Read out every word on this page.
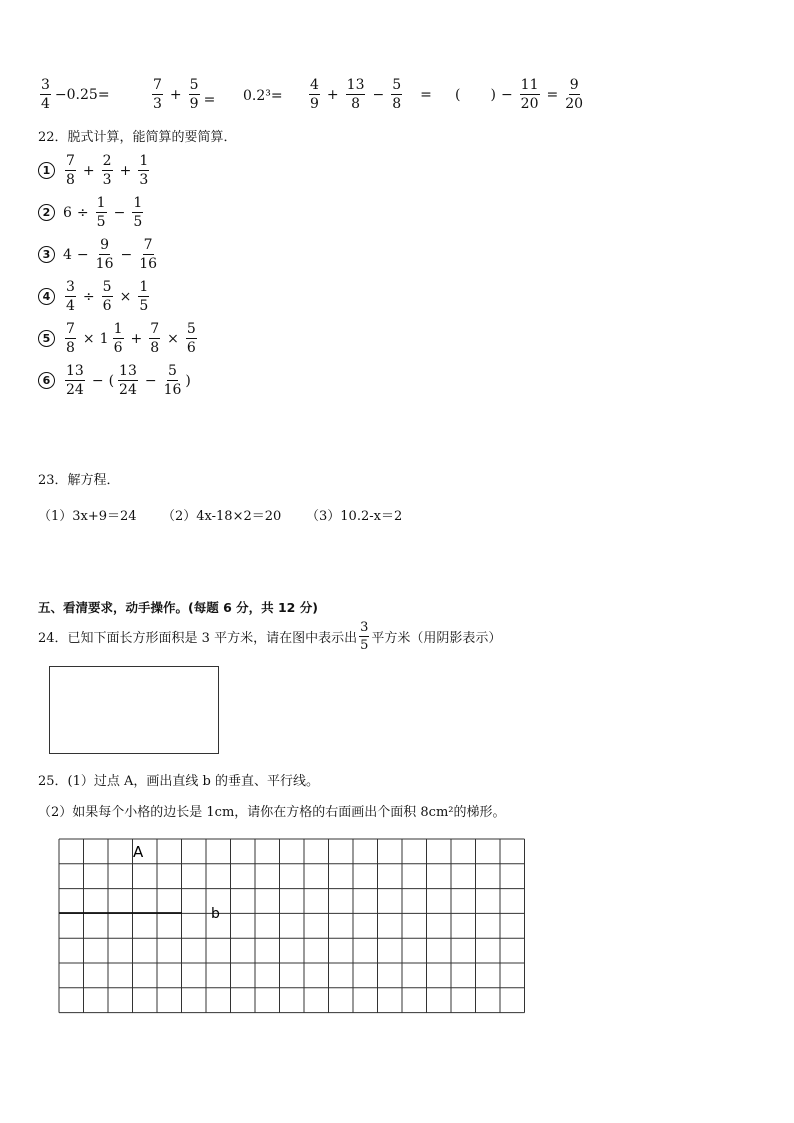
$\frac{3}{4} -0.25=$	$\frac{7}{3} + \frac{5}{9} = 0.2^3= \frac{4}{9} + \frac{13}{8} - \frac{5}{8}$ = ( ) − $\frac{11}{20} = \frac{9}{20}$
22．脱式计算，能简算的要简算．
1	$\frac{7}{8} + \frac{2}{3} + \frac{1}{3}$
2 $6 \div \frac{1}{5} - \frac{1}{5}$
3 $4 - \frac{9}{16} - \frac{7}{16}$
4	$\frac{3}{4} \div \frac{5}{6} \times \frac{1}{5}$
5	$\frac{7}{8} \times 1 \frac{1}{6} + \frac{7}{8} \times \frac{5}{6}$
6	$\frac{13}{24}$ − ( $\frac{13}{24} - \frac{5}{16}$ )
23．解方程．
（1）3x+9＝24 （2）4x-18×2＝20 （3）10.2-x＝2
五、看清要求，动手操作。(每题 6 分，共 12 分)
24．已知下面长方形面积是 3 平方米，请在图中表示出 $\frac{3}{5}$ 平方米（用阴影表示）
25．(1）过点 A，画出直线 b 的垂直、平行线。
（2）如果每个小格的边长是 1cm，请你在方格的右面画出个面积 8cm²的梯形。
A
b
